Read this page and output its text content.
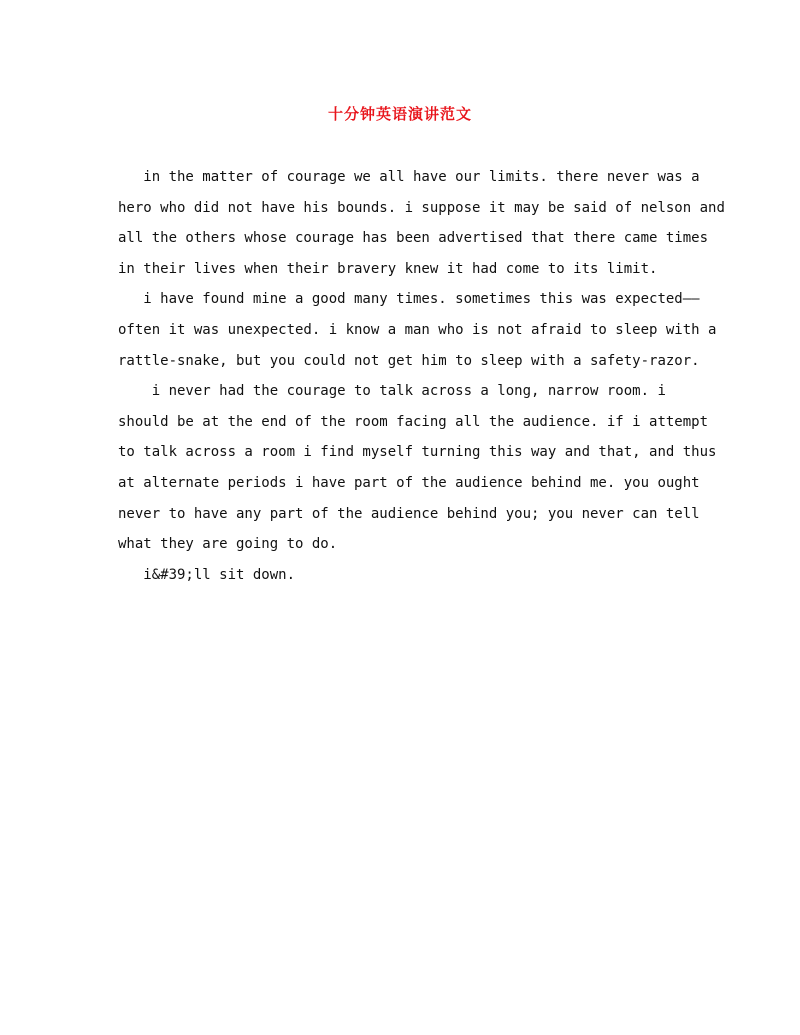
十分钟英语演讲范文
in the matter of courage we all have our limits. there never was a
hero who did not have his bounds. i suppose it may be said of nelson and
all the others whose courage has been advertised that there came times
in their lives when their bravery knew it had come to its limit.
i have found mine a good many times. sometimes this was expected——
often it was unexpected. i know a man who is not afraid to sleep with a
rattle-snake, but you could not get him to sleep with a safety-razor.
i never had the courage to talk across a long, narrow room. i
should be at the end of the room facing all the audience. if i attempt
to talk across a room i find myself turning this way and that, and thus
at alternate periods i have part of the audience behind me. you ought
never to have any part of the audience behind you; you never can tell
what they are going to do.
i&#39;ll sit down.
